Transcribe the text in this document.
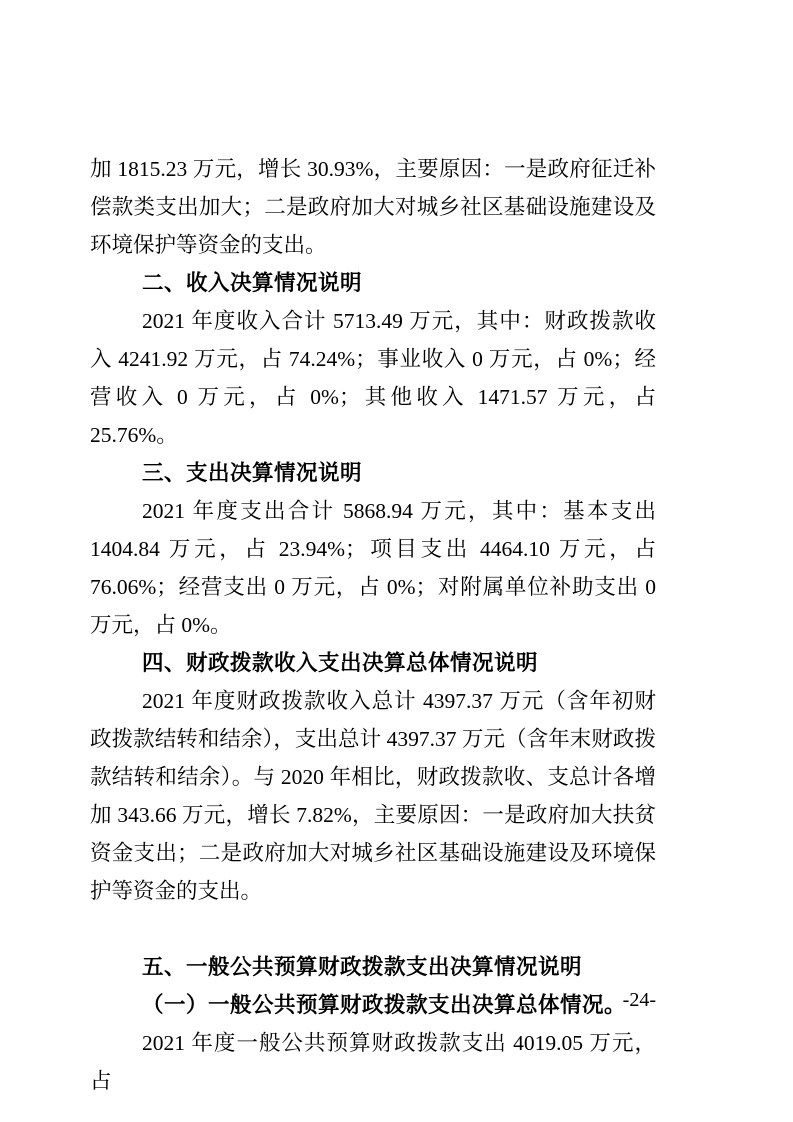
加 1815.23 万元，增长 30.93%，主要原因：一是政府征迁补偿款类支出加大；二是政府加大对城乡社区基础设施建设及环境保护等资金的支出。

二、收入决算情况说明

2021 年度收入合计 5713.49 万元，其中：财政拨款收入 4241.92 万元，占 74.24%；事业收入 0 万元，占 0%；经营收入 0 万元，占 0%；其他收入 1471.57 万元，占 25.76%。

三、支出决算情况说明

2021 年度支出合计 5868.94 万元，其中：基本支出 1404.84 万元，占 23.94%；项目支出 4464.10 万元，占 76.06%；经营支出 0 万元，占 0%；对附属单位补助支出 0 万元，占 0%。

四、财政拨款收入支出决算总体情况说明

2021 年度财政拨款收入总计 4397.37 万元（含年初财政拨款结转和结余），支出总计 4397.37 万元（含年末财政拨款结转和结余）。与 2020 年相比，财政拨款收、支总计各增加 343.66 万元，增长 7.82%，主要原因：一是政府加大扶贫资金支出；二是政府加大对城乡社区基础设施建设及环境保护等资金的支出。

五、一般公共预算财政拨款支出决算情况说明

（一）一般公共预算财政拨款支出决算总体情况。

2021 年度一般公共预算财政拨款支出 4019.05 万元，占

-24-
